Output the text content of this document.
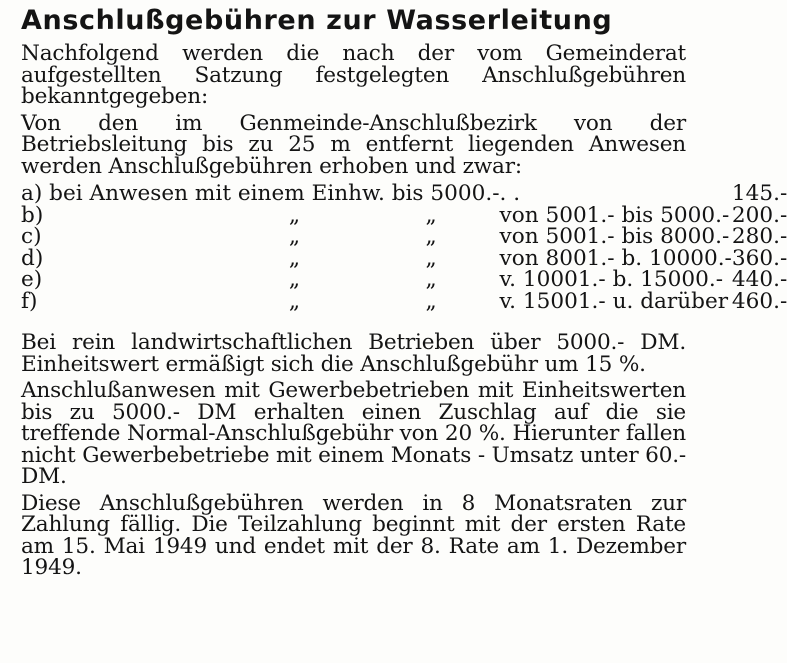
Anschlußgebühren zur Wasserleitung

Nachfolgend werden die nach der vom Gemeinderat aufgestellten Satzung festgelegten Anschlußgebühren bekanntgegeben:

Von den im Genmeinde-Anschlußbezirk von der Betriebsleitung bis zu 25 m entfernt liegenden Anwesen werden Anschlußgebühren erhoben und zwar:

a) bei Anwesen mit einem Einhw. bis 5000.-			. .	145.-
b)	„	„	von 5001.- bis 5000.-	200.-
c)	„	„	von 5001.- bis 8000.-	280.-
d)	„	„	von 8001.- b. 10000.-	360.-
e)	„	„	v. 10001.- b. 15000.-	440.-
f)	„	„	v. 15001.- u. darüber	460.-

Bei rein landwirtschaftlichen Betrieben über 5000.- DM. Einheitswert ermäßigt sich die Anschlußgebühr um 15 %.

Anschlußanwesen mit Gewerbebetrieben mit Einheitswerten bis zu 5000.- DM erhalten einen Zuschlag auf die sie treffende Normal-Anschlußgebühr von 20 %. Hierunter fallen nicht Gewerbebetriebe mit einem Monats - Umsatz unter 60.- DM.

Diese Anschlußgebühren werden in 8 Monatsraten zur Zahlung fällig. Die Teilzahlung beginnt mit der ersten Rate am 15. Mai 1949 und endet mit der 8. Rate am 1. Dezember 1949.
